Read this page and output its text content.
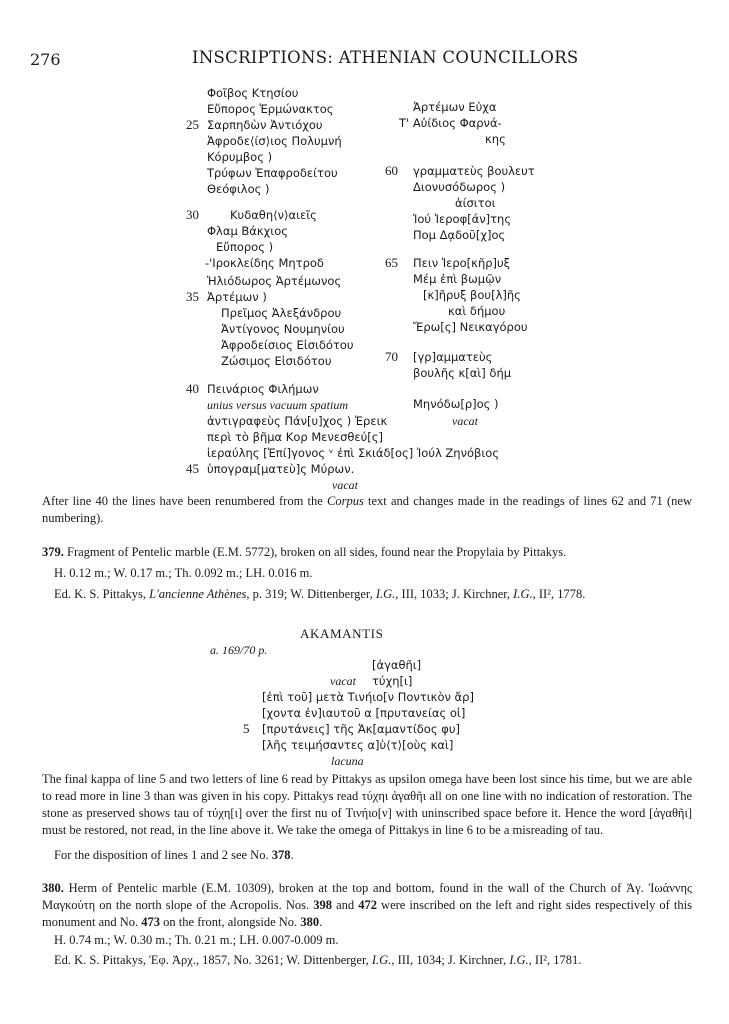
276	INSCRIPTIONS: ATHENIAN COUNCILLORS
Φοῖβος Κτησίου
Εὔπορος Ἑρμώνακτος
25 Σαρπηδὼν Ἀντιόχου
Ἀφροδε⟨ίσ⟩ιος Πολυμνή
Κόρυμβος )
Τρύφων Ἐπαφροδείτου
Θεόφιλος )
30	Κυδαθη⟨ν⟩αιεῖς
Φλαμ Βάκχιος
Εὔπορος )
-'Ιροκλείδης Μητροδ
Ἡλιόδωρος Ἀρτέμωνος
35 Ἀρτέμων )
Πρεῖμος Ἀλεξάνδρου
Ἀντίγονος Νουμηνίου
Ἀφροδείσιος Εἰσιδότου
Ζώσιμος Εἰσιδότου
40 Πεινάριος Φιλήμων
unius versus vacuum spatium
ἀντιγραφεὺς Πάν[υ]χος ) Ἐρεικ
περὶ τὸ βῆμα Κορ Μενεσθεύ[ς]
ἱεραύλης [Ἐπί]γονος ᵛ ἐπὶ Σκιάδ[ος] Ἰούλ Ζηνόβιος
45 ὑπογραμ[ματεὺ]ς Μύρων.
vacat
Ἀρτέμων Εὐχα
Τ' Αὐίδιος Φαρνά-
κης
60 γραμματεὺς βουλευτ
Διονυσόδωρος )
ἀίσιτοι
Ἰού Ἱεροφ[άν]της
Πομ Δᾳδοῦ[χ]ος
65 Πειν Ἱερο[κῆρ]υξ
Μέμ ἐπὶ βωμῷν
[κ]ῆρυξ βου[λ]ῆς
καὶ δήμου
Ἔρω[ς] Νεικαγόρου
70 [γρ]αμματεὺς
βουλῆς κ[αὶ] δήμ
Μηνόδω[ρ]ος )
vacat
After line 40 the lines have been renumbered from the Corpus text and changes made in the readings of lines 62 and 71 (new numbering).
379. Fragment of Pentelic marble (E.M. 5772), broken on all sides, found near the Propylaia by Pittakys.
H. 0.12 m.; W. 0.17 m.; Th. 0.092 m.; LH. 0.016 m.
Ed. K. S. Pittakys, L'ancienne Athènes, p. 319; W. Dittenberger, I.G., III, 1033; J. Kirchner, I.G., II², 1778.
AKAMANTIS
a. 169/70 p.
[ἀγαθῆι]
vacat τύχη[ι]
[ἐπὶ τοῦ] μετὰ Τινήιο[ν Ποντικὸν ἄρ]
[χοντα ἐν]ιαυτοῦ α [πρυτανείας οἱ]
5 [πρυτάνεις] τῆς Ἀκ[αμαντίδος φυ]
[λῆς τειμήσαντες α]ὑ⟨τ⟩[οὺς καὶ]
lacuna
The final kappa of line 5 and two letters of line 6 read by Pittakys as upsilon omega have been lost since his time, but we are able to read more in line 3 than was given in his copy. Pittakys read τύχηι ἀγαθῆι all on one line with no indication of restoration. The stone as preserved shows tau of τύχη[ι] over the first nu of Τινήιο[ν] with uninscribed space before it. Hence the word [ἀγαθῆι] must be restored, not read, in the line above it. We take the omega of Pittakys in line 6 to be a misreading of tau.
For the disposition of lines 1 and 2 see No. 378.
380. Herm of Pentelic marble (E.M. 10309), broken at the top and bottom, found in the wall of the Church of Ἀγ. Ἰωάννης Μαγκούτη on the north slope of the Acropolis. Nos. 398 and 472 were inscribed on the left and right sides respectively of this monument and No. 473 on the front, alongside No. 380.
H. 0.74 m.; W. 0.30 m.; Th. 0.21 m.; LH. 0.007-0.009 m.
Ed. K. S. Pittakys, Ἐφ. Ἀρχ., 1857, No. 3261; W. Dittenberger, I.G., III, 1034; J. Kirchner, I.G., II², 1781.
